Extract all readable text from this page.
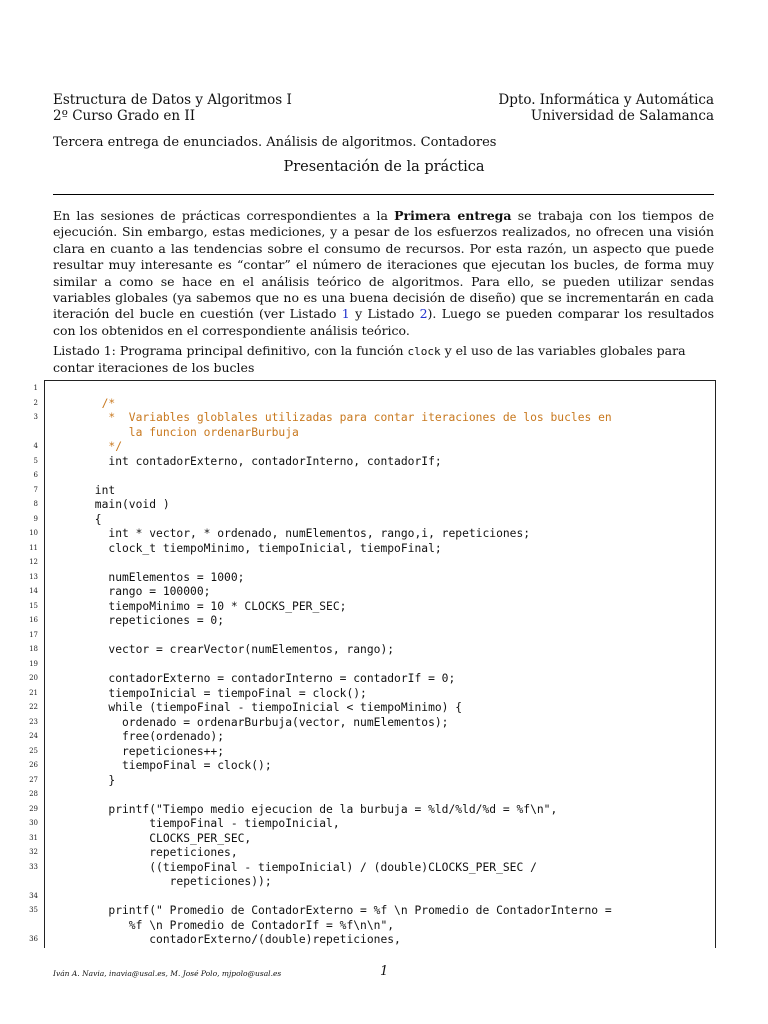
Estructura de Datos y Algoritmos I
2º Curso Grado en II
Dpto. Informática y Automática
Universidad de Salamanca
Tercera entrega de enunciados. Análisis de algoritmos. Contadores
Presentación de la práctica
En las sesiones de prácticas correspondientes a la Primera entrega se trabaja con los tiempos de ejecución. Sin embargo, estas mediciones, y a pesar de los esfuerzos realizados, no ofrecen una visión clara en cuanto a las tendencias sobre el consumo de recursos. Por esta razón, un aspecto que puede resultar muy interesante es “contar” el número de iteraciones que ejecutan los bucles, de forma muy similar a como se hace en el análisis teórico de algoritmos. Para ello, se pueden utilizar sendas variables globales (ya sabemos que no es una buena decisión de diseño) que se incrementarán en cada iteración del bucle en cuestión (ver Listado 1 y Listado 2). Luego se pueden comparar los resultados con los obtenidos en el correspondiente análisis teórico.
Listado 1: Programa principal definitivo, con la función clock y el uso de las variables globales para contar iteraciones de los bucles
1
2	/*
3	*  Variables globlales utilizadas para contar iteraciones de los bucles en
la funcion ordenarBurbuja
4	*/
5	int contadorExterno, contadorInterno, contadorIf;
6
7	int
8	main(void )
9	{
10	int * vector, * ordenado, numElementos, rango,i, repeticiones;
11	clock_t tiempoMinimo, tiempoInicial, tiempoFinal;
12
13	numElementos = 1000;
14	rango = 100000;
15	tiempoMinimo = 10 * CLOCKS_PER_SEC;
16	repeticiones = 0;
17
18	vector = crearVector(numElementos, rango);
19
20	contadorExterno = contadorInterno = contadorIf = 0;
21	tiempoInicial = tiempoFinal = clock();
22	while (tiempoFinal - tiempoInicial < tiempoMinimo) {
23	ordenado = ordenarBurbuja(vector, numElementos);
24	free(ordenado);
25	repeticiones++;
26	tiempoFinal = clock();
27	}
28
29	printf("Tiempo medio ejecucion de la burbuja = %ld/%ld/%d = %f\n",
30	tiempoFinal - tiempoInicial,
31	CLOCKS_PER_SEC,
32	repeticiones,
33	((tiempoFinal - tiempoInicial) / (double)CLOCKS_PER_SEC /
repeticiones));
34
35	printf(" Promedio de ContadorExterno = %f \n Promedio de ContadorInterno =
%f \n Promedio de ContadorIf = %f\n\n",
36	contadorExterno/(double)repeticiones,
Iván A. Navia, inavia@usal.es, M. José Polo, mjpolo@usal.es	1
